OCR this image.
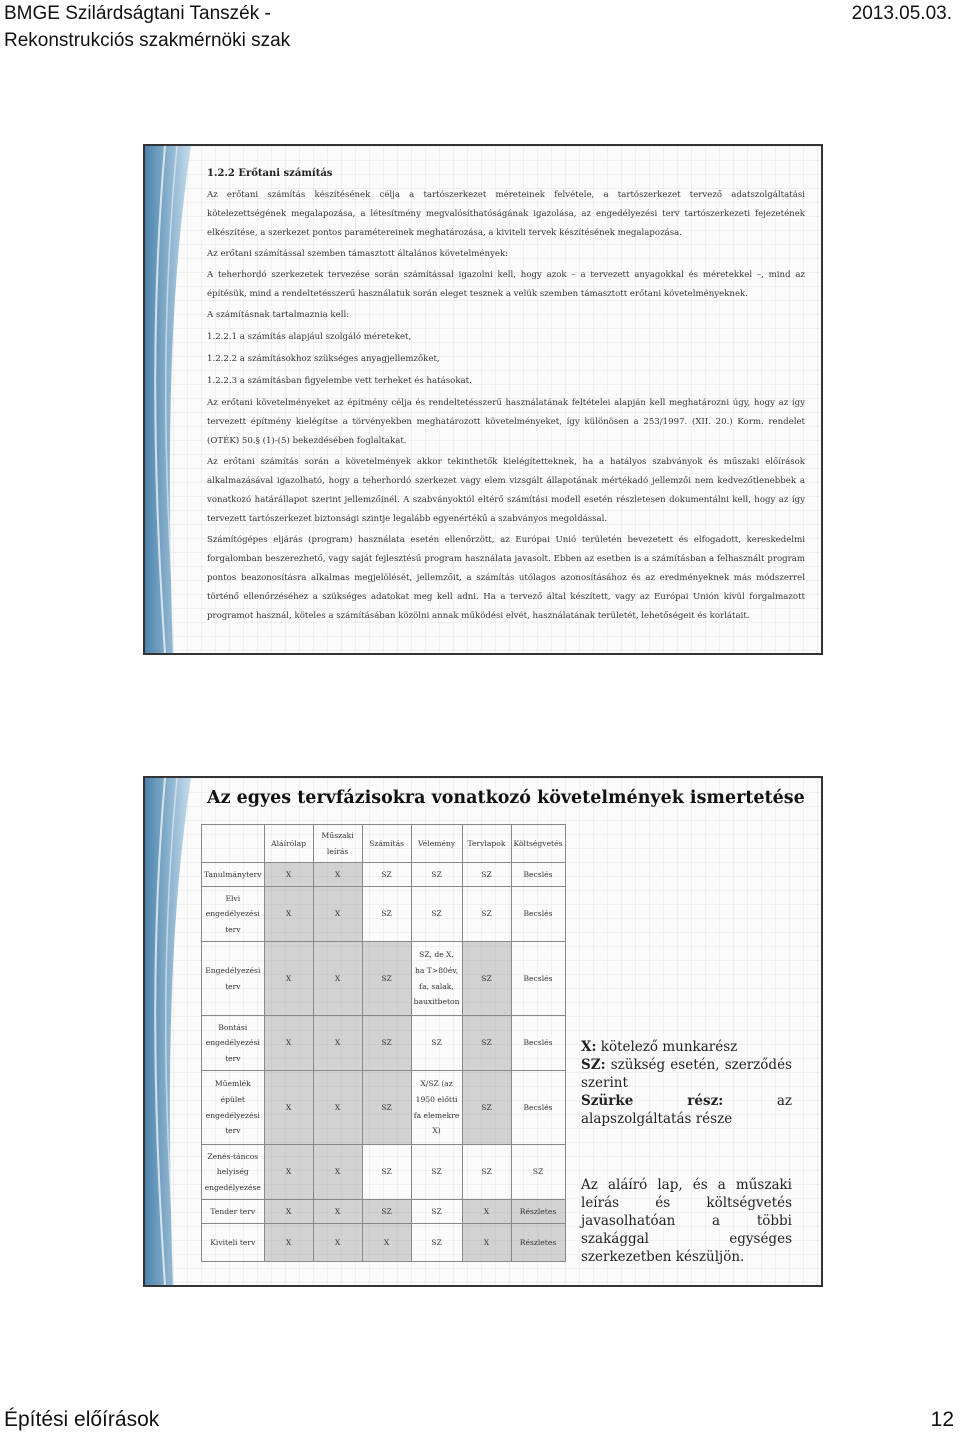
BMGE Szilárdságtani Tanszék -
Rekonstrukciós szakmérnöki szak
2013.05.03.
1.2.2 Erőtani számítás

Az erőtani számítás készítésének célja a tartószerkezet méreteinek felvétele, a tartószerkezet tervező adatszolgáltatási kötelezettségének megalapozása, a létesítmény megvalósíthatóságának igazolása, az engedélyezési terv tartószerkezeti fejezetének elkészítése, a szerkezet pontos paramétereinek meghatározása, a kiviteli tervek készítésének megalapozása.

Az erőtani számítással szemben támasztott általános követelmények:

A teherhordó szerkezetek tervezése során számítással igazolni kell, hogy azok – a tervezett anyagokkal és méretekkel –, mind az építésük, mind a rendeltetésszerű használatuk során eleget tesznek a velük szemben támasztott erőtani követelményeknek.

A számításnak tartalmaznia kell:

1.2.2.1 a számítás alapjául szolgáló méreteket,

1.2.2.2 a számításokhoz szükséges anyagjellemzőket,

1.2.2.3 a számításban figyelembe vett terheket és hatásokat.

Az erőtani követelményeket az építmény célja és rendeltetésszerű használatának feltételei alapján kell meghatározni úgy, hogy az így tervezett építmény kielégítse a törvényekben meghatározott követelményeket, így különösen a 253/1997. (XII. 20.) Korm. rendelet (OTÉK) 50.§ (1)-(5) bekezdésében foglaltakat.

Az erőtani számítás során a követelmények akkor tekinthetők kielégítetteknek, ha a hatályos szabványok és műszaki előírások alkalmazásával igazolható, hogy a teherhordó szerkezet vagy elem vizsgált állapotának mértékadó jellemzői nem kedvezőtlenebbek a vonatkozó határállapot szerint jellemzőinél. A szabványoktól eltérő számítási modell esetén részletesen dokumentálni kell, hogy az így tervezett tartószerkezet biztonsági szintje legalább egyenértékű a szabványos megoldással.

Számítógépes eljárás (program) használata esetén ellenőrzött, az Európai Unió területén bevezetett és elfogadott, kereskedelmi forgalomban beszerezhető, vagy saját fejlesztésű program használata javasolt. Ebben az esetben is a számításban a felhasznált program pontos beazonosításra alkalmas megjelölését, jellemzőit, a számítás utólagos azonosításához és az eredményeknek más módszerrel történő ellenőrzéséhez a szükséges adatokat meg kell adni. Ha a tervező által készített, vagy az Európai Unión kívül forgalmazott programot használ, köteles a számításában közölni annak működési elvét, használatának területét, lehetőségeit és korlátait.

Az egyes tervfázisokra vonatkozó követelmények ismertetése
	Aláírólap	Műszaki leírás	Számítás	Vélemény	Tervlapok	Költségvetés
Tanulmányterv	X	X	SZ	SZ	SZ	Becslés
Elvi engedélyezési terv	X	X	SZ	SZ	SZ	Becslés
Engedélyezési terv	X	X	SZ	SZ, de X, ha T>80év, fa, salak, bauxitbeton	SZ	Becslés
Bontási engedélyezési terv	X	X	SZ	SZ	SZ	Becslés
Műemlék épület engedélyezési terv	X	X	SZ	X/SZ (az 1950 előtti fa elemekre X)	SZ	Becslés
Zenés-táncos helyiség engedélyezése	X	X	SZ	SZ	SZ	SZ
Tender terv	X	X	SZ	SZ	X	Részletes
Kiviteli terv	X	X	X	SZ	X	Részletes
X: kötelező munkarész
SZ: szükség esetén, szerződés szerint
Szürke rész:	az alapszolgáltatás része
Az aláíró lap, és a műszaki leírás és költségvetés javasolhatóan a többi szakággal egységes szerkezetben készüljön.
Építési előírások	12
